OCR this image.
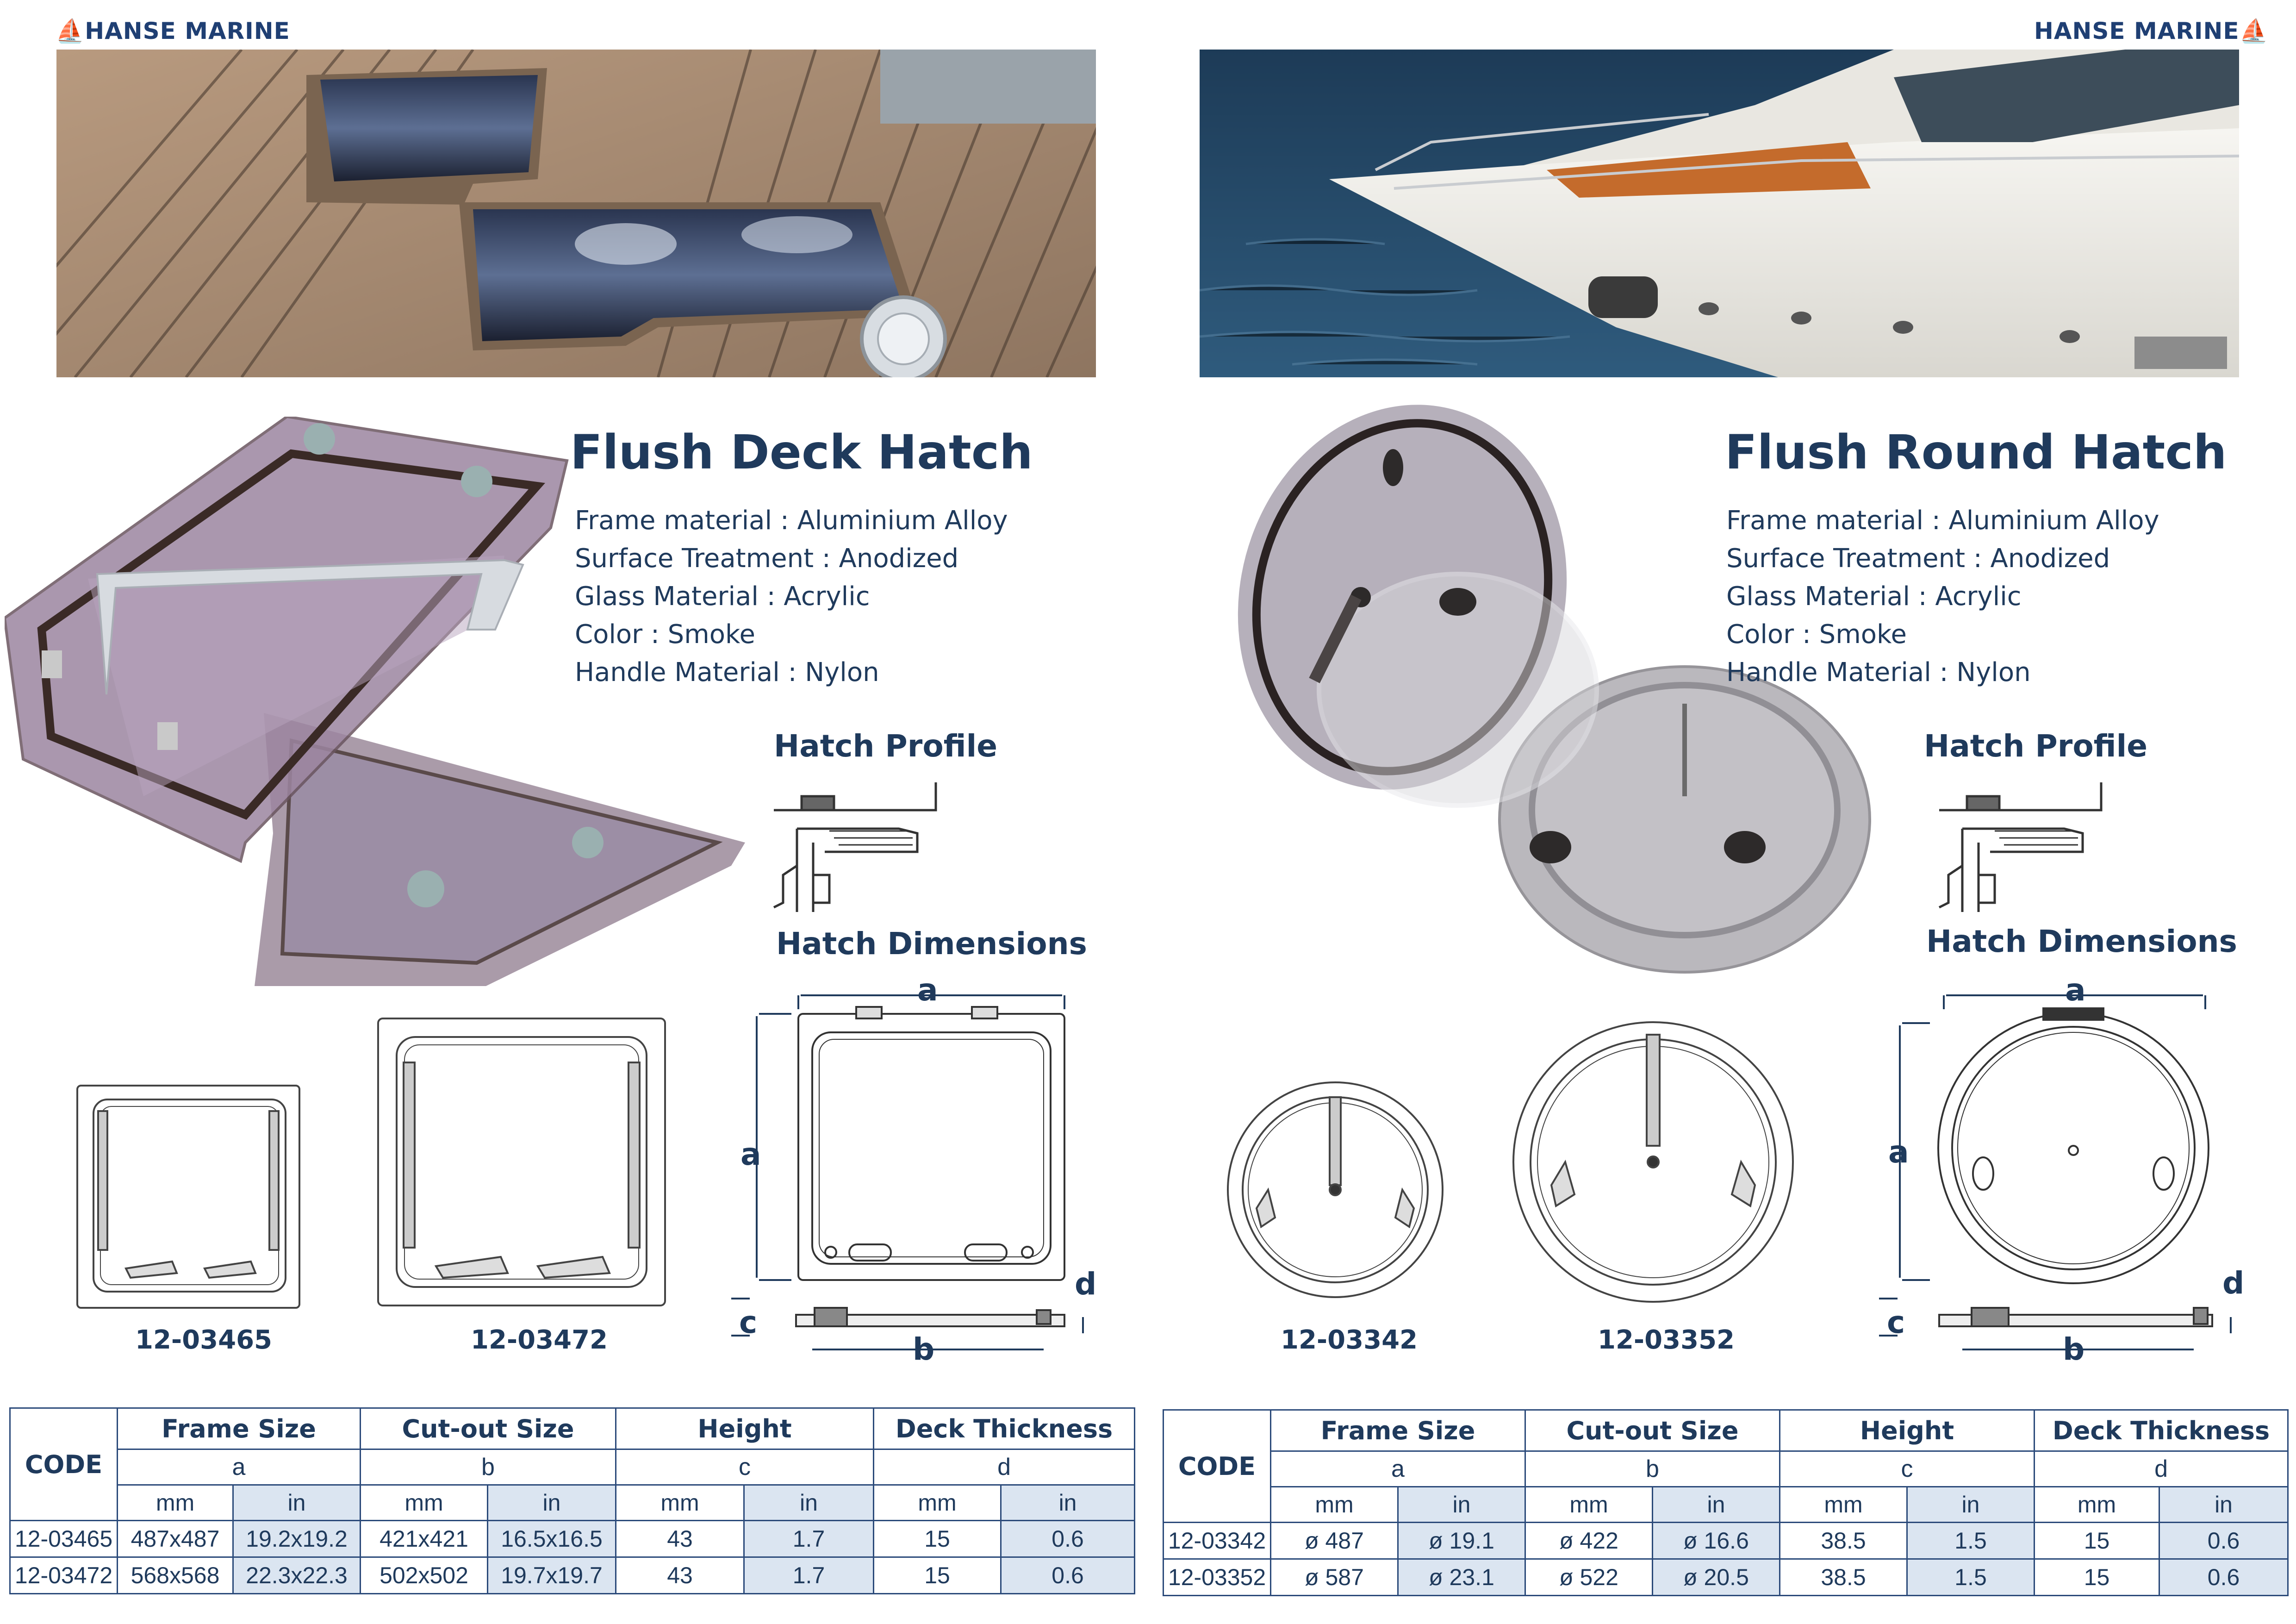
⛵HANSE MARINE	HANSE MARINE⛵
Flush Deck Hatch
Frame material : Aluminium Alloy
Surface Treatment : Anodized
Glass Material : Acrylic
Color : Smoke
Handle Material : Nylon
Hatch Profile
Hatch Dimensions
12-03465	12-03472
a
a
d
c
b
CODE	Frame Size		Cut-out Size		Height		Deck Thickness	
	a		b		c		d	
	mm	in	mm	in	mm	in	mm	in
12-03465	487x487	19.2x19.2	421x421	16.5x16.5	43	1.7	15	0.6
12-03472	568x568	22.3x22.3	502x502	19.7x19.7	43	1.7	15	0.6
Flush Round Hatch
Frame material : Aluminium Alloy
Surface Treatment : Anodized
Glass Material : Acrylic
Color : Smoke
Handle Material : Nylon
Hatch Profile
Hatch Dimensions
12-03342	12-03352
a
a
d
c
b
CODE	Frame Size		Cut-out Size		Height		Deck Thickness	
	a		b		c		d	
	mm	in	mm	in	mm	in	mm	in
12-03342	ø 487	ø 19.1	ø 422	ø 16.6	38.5	1.5	15	0.6
12-03352	ø 587	ø 23.1	ø 522	ø 20.5	38.5	1.5	15	0.6
